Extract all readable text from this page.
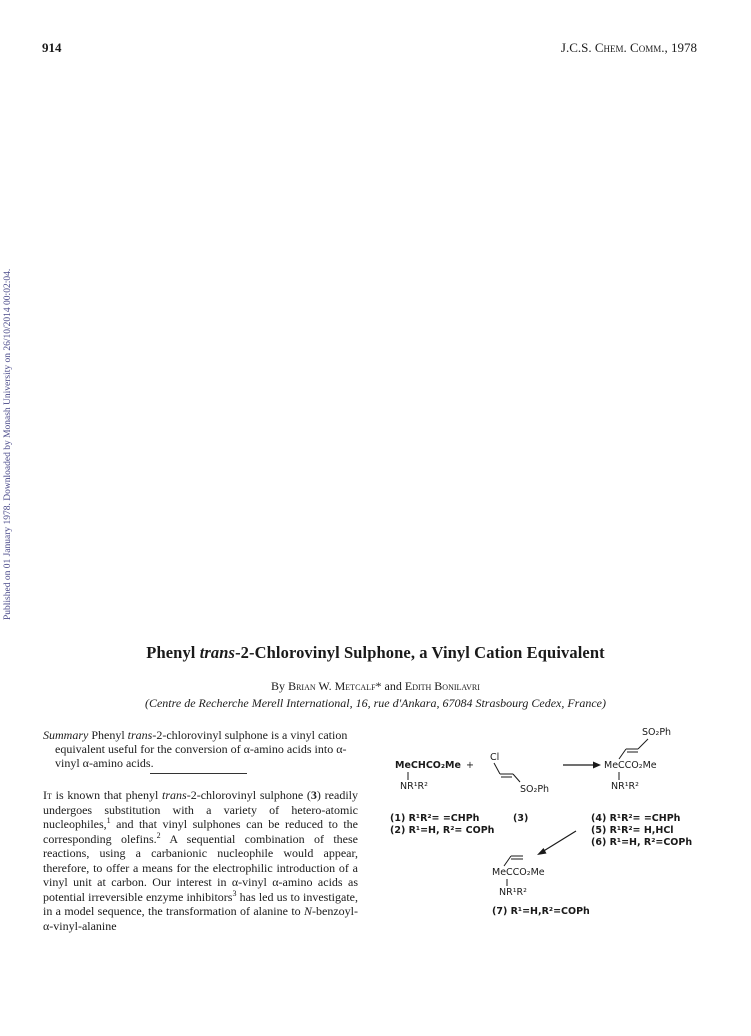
914	J.C.S. Chem. Comm., 1978
Published on 01 January 1978. Downloaded by Monash University on 26/10/2014 00:02:04.
Phenyl trans-2-Chlorovinyl Sulphone, a Vinyl Cation Equivalent
By Brian W. Metcalf* and Edith Bonilavri
(Centre de Recherche Merell International, 16, rue d'Ankara, 67084 Strasbourg Cedex, France)
Summary Phenyl trans-2-chlorovinyl sulphone is a vinyl cation equivalent useful for the conversion of α-amino acids into α-vinyl α-amino acids.
It is known that phenyl trans-2-chlorovinyl sulphone (3) readily undergoes substitution with a variety of hetero-atomic nucleophiles,$^1$ and that vinyl sulphones can be reduced to the corresponding olefins.$^2$ A sequential combination of these reactions, using a carbanionic nucleophile would appear, therefore, to offer a means for the electrophilic introduction of a vinyl unit at carbon. Our interest in α-vinyl α-amino acids as potential irreversible enzyme inhibitors$^3$ has led us to investigate, in a model sequence, the transformation of alanine to N-benzoyl-α-vinyl-alanine
MeCHCO₂Me
NR¹R²
+
Cl
SO₂Ph
SO₂Ph
MeCCO₂Me
NR¹R²
(1) R¹R²= =CHPh
(2) R¹=H, R²= COPh
(3)	(4) R¹R²= =CHPh
(5) R¹R²= H,HCl
(6) R¹=H, R²=COPh
MeCCO₂Me
NR¹R²
(7) R¹=H,R²=COPh
